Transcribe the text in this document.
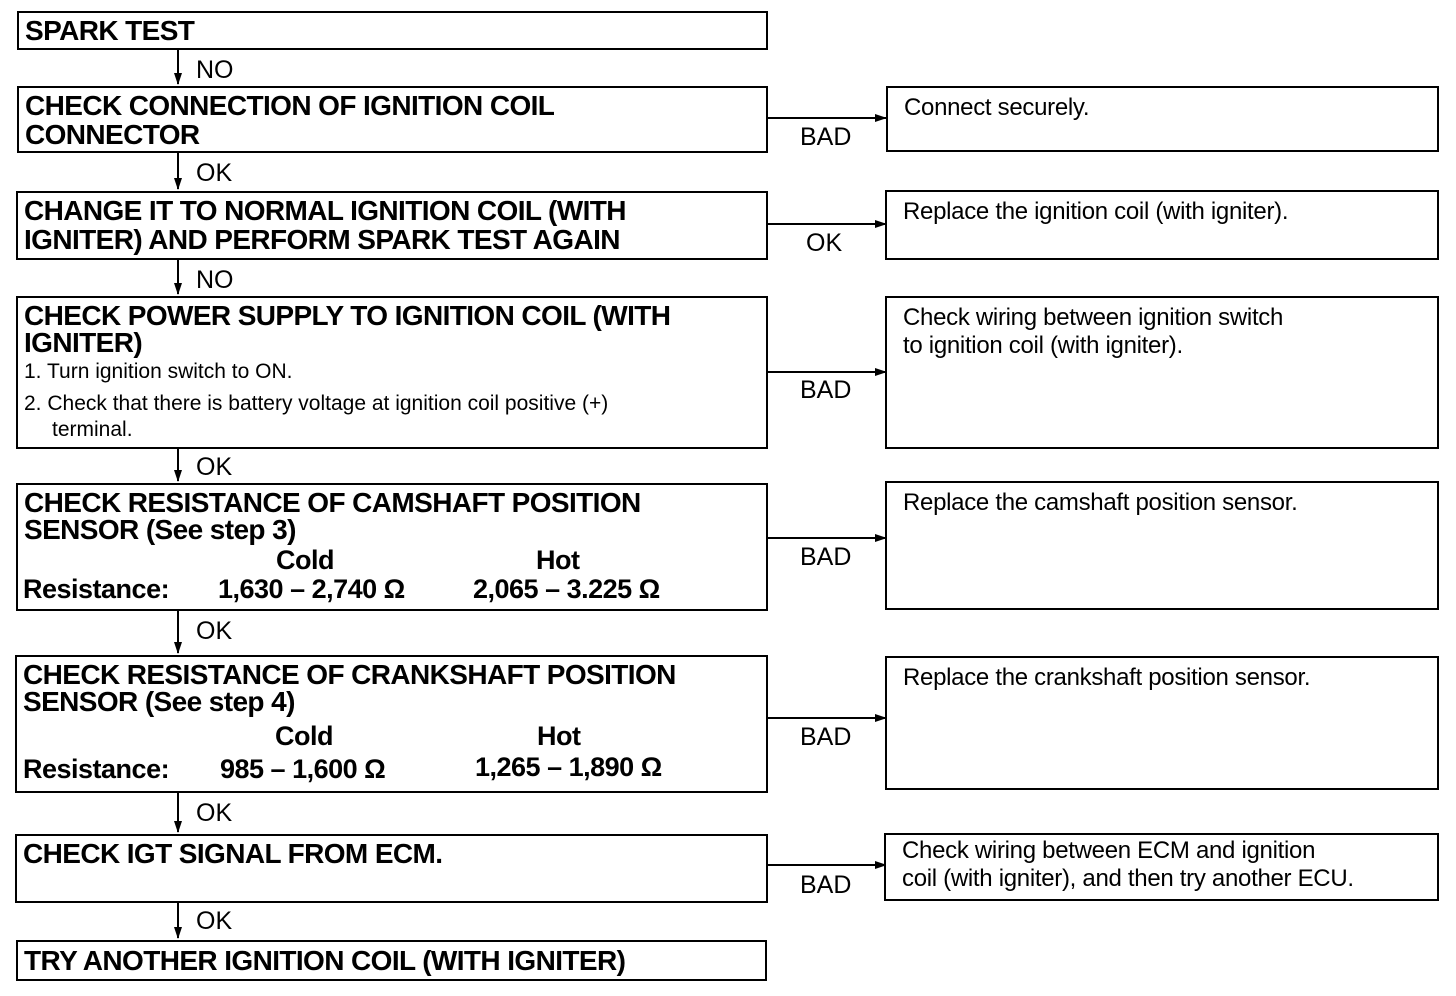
SPARK TEST
CHECK CONNECTION OF IGNITION COIL
CONNECTOR
CHANGE IT TO NORMAL IGNITION COIL (WITH
IGNITER) AND PERFORM SPARK TEST AGAIN
CHECK POWER SUPPLY TO IGNITION COIL (WITH
IGNITER)
1. Turn ignition switch to ON.
2. Check that there is battery voltage at ignition coil positive (+)
terminal.
CHECK RESISTANCE OF CAMSHAFT POSITION
SENSOR (See step 3)
Cold	Hot
Resistance: 1,630 – 2,740 Ω	2,065 – 3.225 Ω
CHECK RESISTANCE OF CRANKSHAFT POSITION
SENSOR (See step 4)
Cold	Hot
Resistance: 985 – 1,600 Ω	1,265 – 1,890 Ω
CHECK IGT SIGNAL FROM ECM.
TRY ANOTHER IGNITION COIL (WITH IGNITER)
NO
OK
NO
OK
OK
OK
OK
BAD
OK
BAD
BAD
BAD
BAD
Connect securely.
Replace the ignition coil (with igniter).
Check wiring between ignition switch
to ignition coil (with igniter).
Replace the camshaft position sensor.
Replace the crankshaft position sensor.
Check wiring between ECM and ignition
coil (with igniter), and then try another ECU.
